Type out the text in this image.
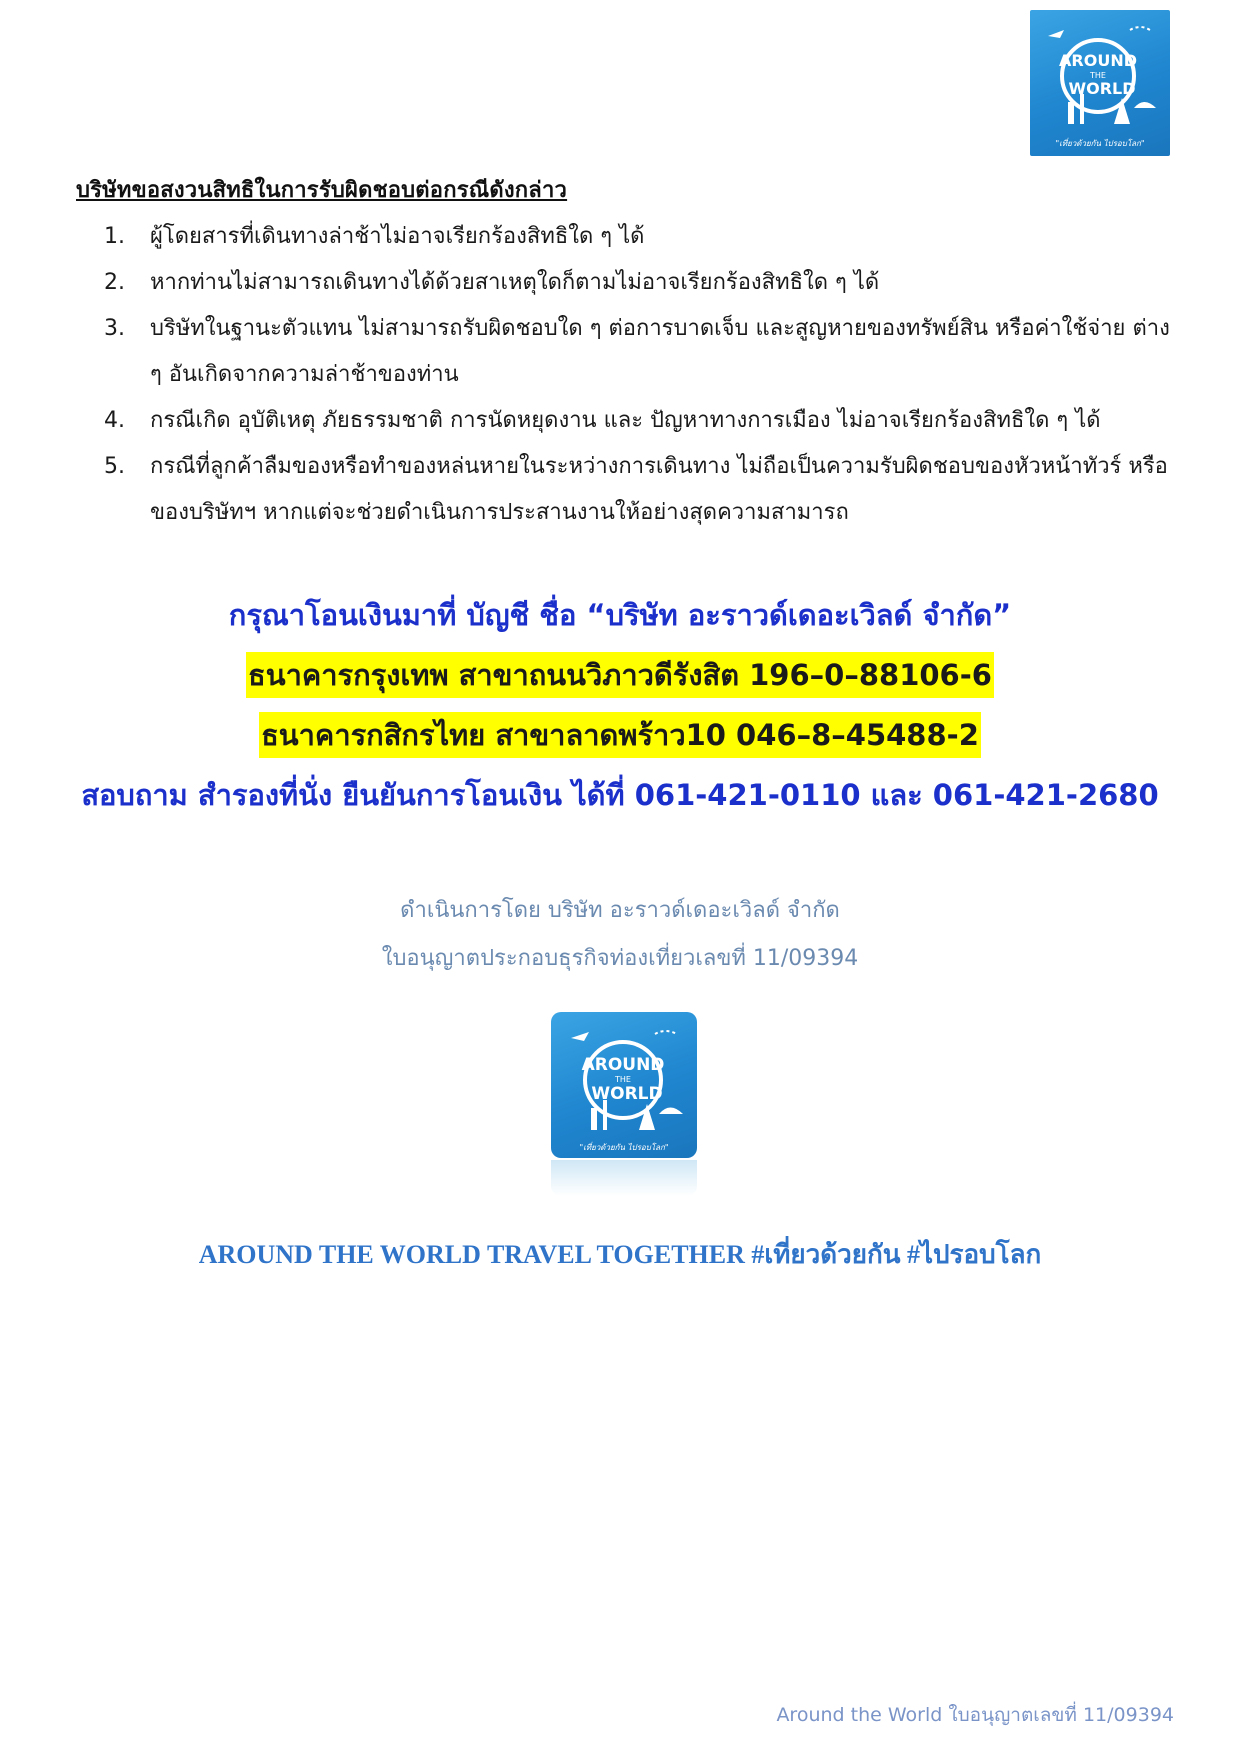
AROUND
THE
WORLD
"เที่ยวด้วยกัน ไปรอบโลก"
บริษัทขอสงวนสิทธิในการรับผิดชอบต่อกรณีดังกล่าว
1.	ผู้โดยสารที่เดินทางล่าช้าไม่อาจเรียกร้องสิทธิใด ๆ ได้
2.	หากท่านไม่สามารถเดินทางได้ด้วยสาเหตุใดก็ตามไม่อาจเรียกร้องสิทธิใด ๆ ได้
3.	บริษัทในฐานะตัวแทน ไม่สามารถรับผิดชอบใด ๆ ต่อการบาดเจ็บ และสูญหายของทรัพย์สิน หรือค่าใช้จ่าย ต่าง ๆ อันเกิดจากความล่าช้าของท่าน
4.	กรณีเกิด อุบัติเหตุ ภัยธรรมชาติ การนัดหยุดงาน และ ปัญหาทางการเมือง ไม่อาจเรียกร้องสิทธิใด ๆ ได้
5.	กรณีที่ลูกค้าลืมของหรือทำของหล่นหายในระหว่างการเดินทาง ไม่ถือเป็นความรับผิดชอบของหัวหน้าทัวร์ หรือของบริษัทฯ หากแต่จะช่วยดำเนินการประสานงานให้อย่างสุดความสามารถ
กรุณาโอนเงินมาที่ บัญชี ชื่อ “บริษัท อะราวด์เดอะเวิลด์ จำกัด”
ธนาคารกรุงเทพ สาขาถนนวิภาวดีรังสิต 196–0–88106-6
ธนาคารกสิกรไทย สาขาลาดพร้าว10 046–8–45488-2
สอบถาม สำรองที่นั่ง ยืนยันการโอนเงิน ได้ที่ 061-421-0110 และ 061-421-2680
ดำเนินการโดย บริษัท อะราวด์เดอะเวิลด์ จำกัด
ใบอนุญาตประกอบธุรกิจท่องเที่ยวเลขที่ 11/09394
AROUND
THE
WORLD
"เที่ยวด้วยกัน ไปรอบโลก"
AROUND THE WORLD TRAVEL TOGETHER #เที่ยวด้วยกัน #ไปรอบโลก
Around the World ใบอนุญาตเลขที่ 11/09394
